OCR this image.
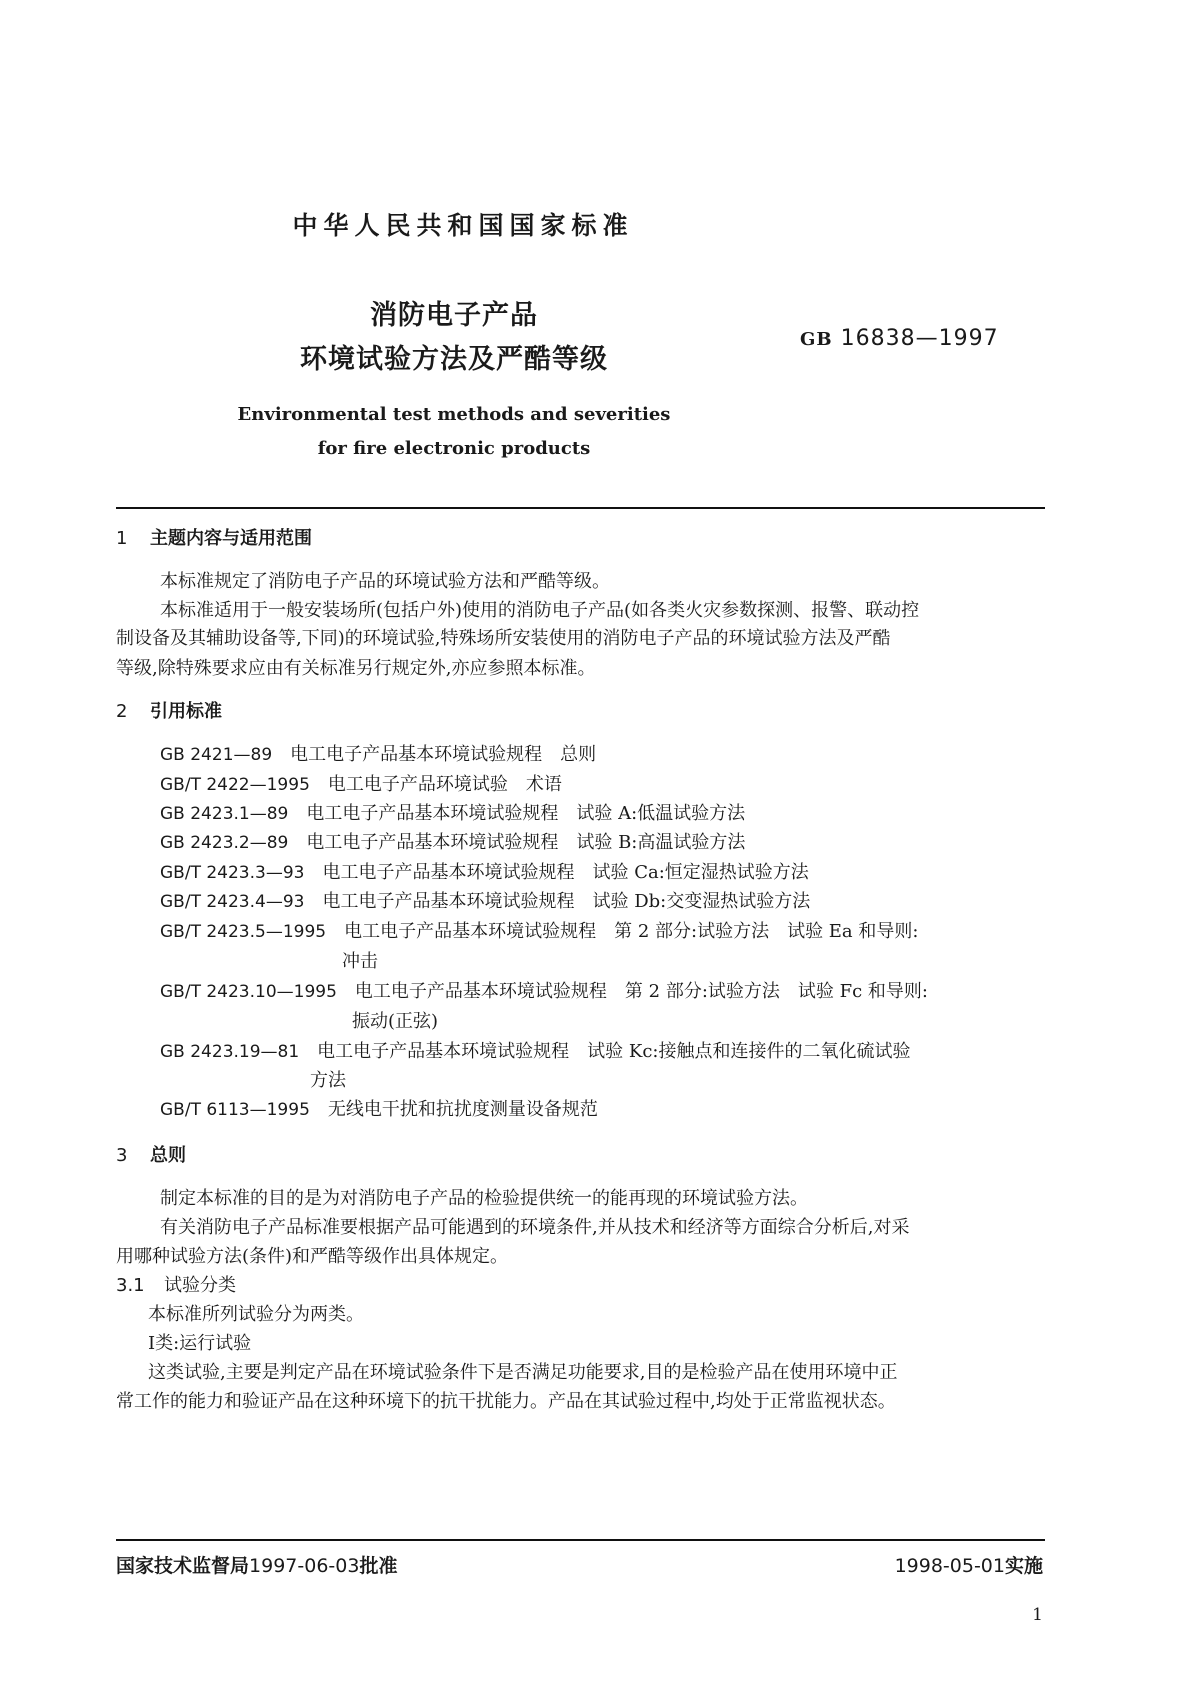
中华人民共和国国家标准
消防电子产品
环境试验方法及严酷等级
GB 16838—1997
Environmental test methods and severities
for fire electronic products
1 主题内容与适用范围
本标准规定了消防电子产品的环境试验方法和严酷等级。
本标准适用于一般安装场所(包括户外)使用的消防电子产品(如各类火灾参数探测、报警、联动控
制设备及其辅助设备等,下同)的环境试验,特殊场所安装使用的消防电子产品的环境试验方法及严酷
等级,除特殊要求应由有关标准另行规定外,亦应参照本标准。
2 引用标准
GB 2421—89 电工电子产品基本环境试验规程　总则
GB/T 2422—1995 电工电子产品环境试验　术语
GB 2423.1—89 电工电子产品基本环境试验规程　试验 A:低温试验方法
GB 2423.2—89 电工电子产品基本环境试验规程　试验 B:高温试验方法
GB/T 2423.3—93 电工电子产品基本环境试验规程　试验 Ca:恒定湿热试验方法
GB/T 2423.4—93 电工电子产品基本环境试验规程　试验 Db:交变湿热试验方法
GB/T 2423.5—1995 电工电子产品基本环境试验规程　第 2 部分:试验方法　试验 Ea 和导则:
冲击
GB/T 2423.10—1995 电工电子产品基本环境试验规程　第 2 部分:试验方法　试验 Fc 和导则:
振动(正弦)
GB 2423.19—81 电工电子产品基本环境试验规程　试验 Kc:接触点和连接件的二氧化硫试验
方法
GB/T 6113—1995 无线电干扰和抗扰度测量设备规范
3 总则
制定本标准的目的是为对消防电子产品的检验提供统一的能再现的环境试验方法。
有关消防电子产品标准要根据产品可能遇到的环境条件,并从技术和经济等方面综合分析后,对采
用哪种试验方法(条件)和严酷等级作出具体规定。
3.1 试验分类
本标准所列试验分为两类。
Ⅰ类:运行试验
这类试验,主要是判定产品在环境试验条件下是否满足功能要求,目的是检验产品在使用环境中正
常工作的能力和验证产品在这种环境下的抗干扰能力。产品在其试验过程中,均处于正常监视状态。
国家技术监督局1997-06-03批准	1998-05-01实施
1
